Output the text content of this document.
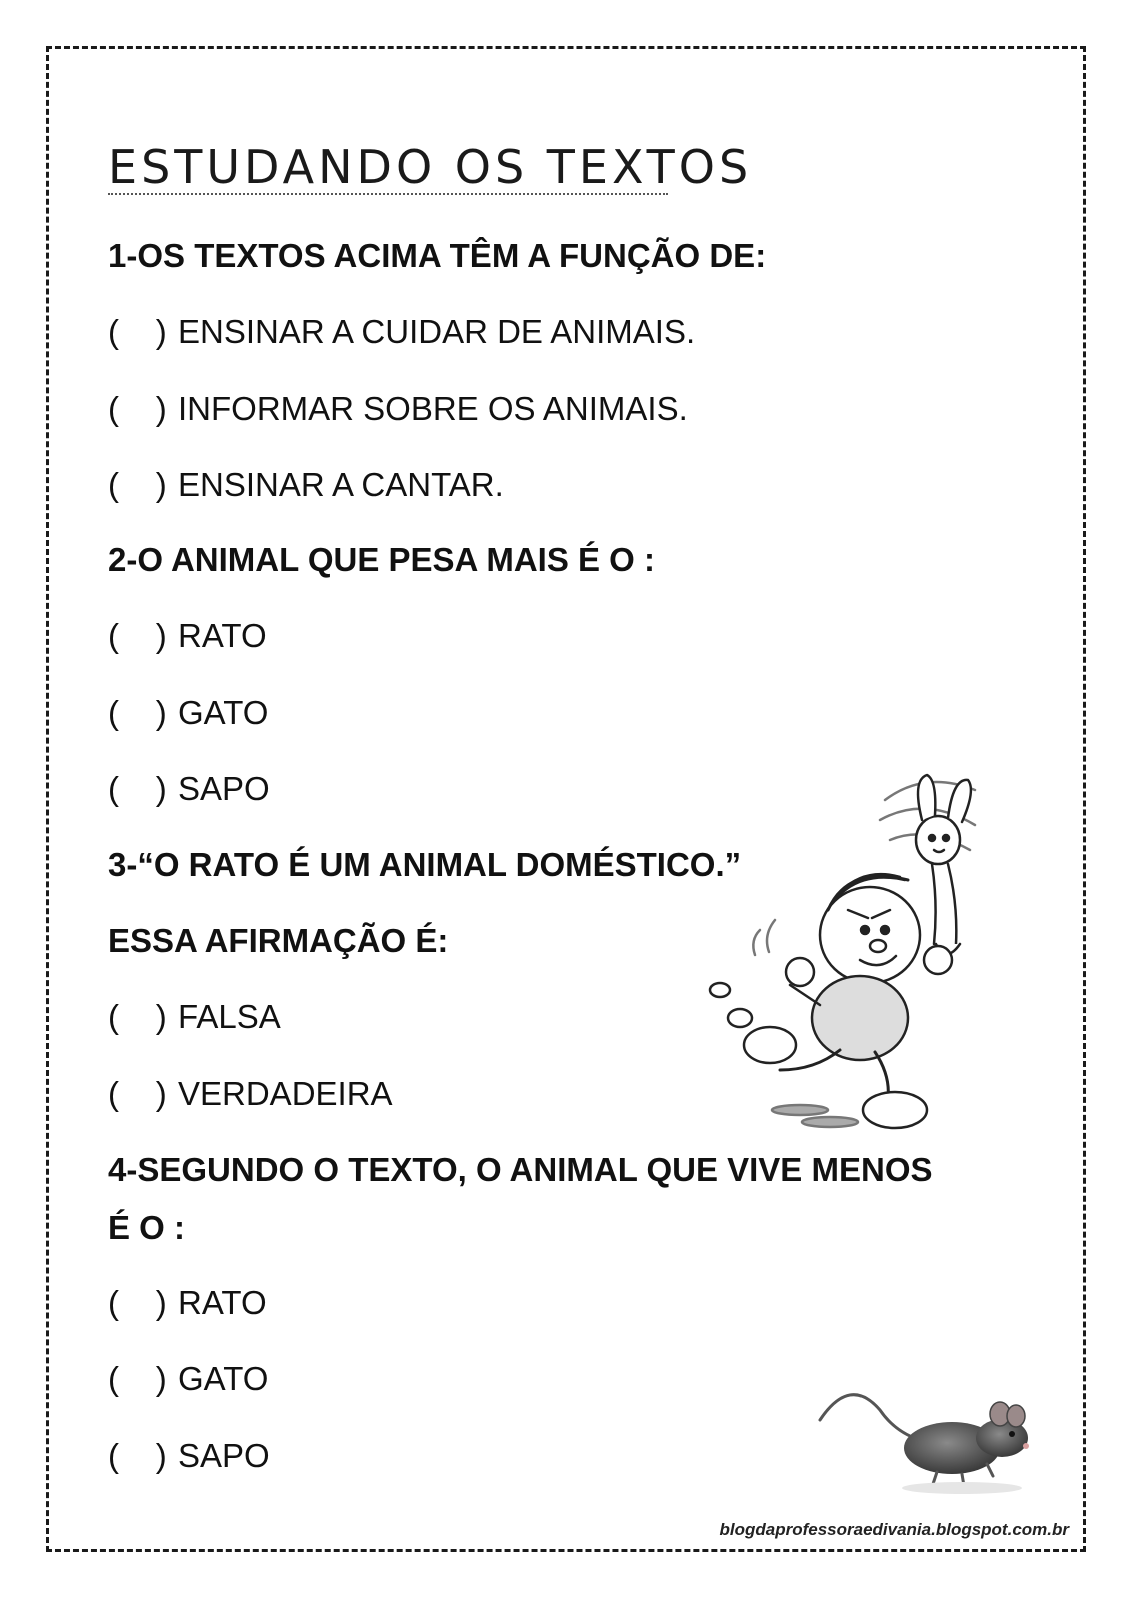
ESTUDANDO OS TEXTOS

1-OS TEXTOS ACIMA TÊM A FUNÇÃO DE:

( ) ENSINAR A CUIDAR DE ANIMAIS.

( ) INFORMAR SOBRE OS ANIMAIS.

( ) ENSINAR A CANTAR.

2-O ANIMAL QUE PESA MAIS É O :

( ) RATO

( ) GATO

( ) SAPO

3-“O RATO É UM ANIMAL DOMÉSTICO.”

ESSA AFIRMAÇÃO É:

( ) FALSA

( ) VERDADEIRA

4-SEGUNDO O TEXTO, O ANIMAL QUE VIVE MENOS

É O :

( ) RATO

( ) GATO

( ) SAPO

blogdaprofessoraedivania.blogspot.com.br
